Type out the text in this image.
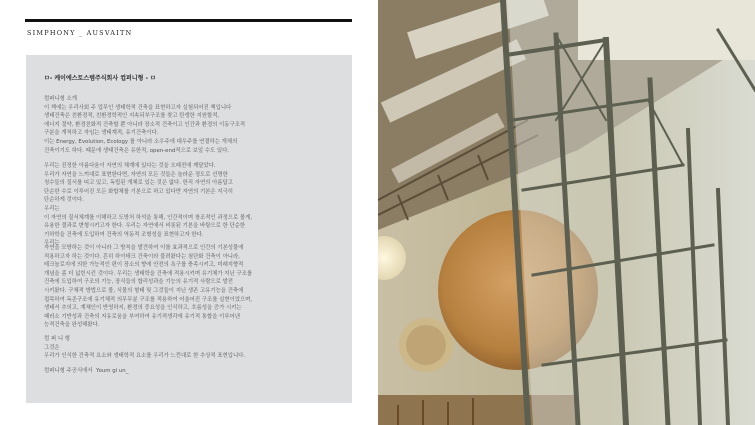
SIMPHONY _ AUSVAITN
ㅁ- 케이에스토스템주식회사 컵퍼니형 - ㅁ
컴퍼니형 소개
이 책에는 우리사회 주 업무인 생태학적 건축을 표현하고자 실험되어진 책입니다
생태건축은 친환경적, 친환경학적인 지속되부구조를 찾고 탄생한 지원할적,
에너지 절약, 환경친화적 건축할 뿐 아니라 장소적 건축이고 인간과 환경의 이동구조적
구분을 개척하고 자임는 생태계적, 유기건축이다.
이는 Energy, Evolution, Ecology 를 아니라 소우주에 대우주를 연결하는 개체의
건축이기도 하다. 때문에 생태건축은 유한적, open-end적으로 보일 수도 있다.
우리는 진정한 아름다움이 자연의 체계에 있다는 것을 오래전에 깨달았다.
우리가 자연을 느끼대로 표현한다면, 자연의 모든 것들은 놀라운 정도로 선명한
청수들의 질서를 띠고 있고, 독립된 개체로 있는 것은 없다. 한직 자연의 아름답고
단순한 수로 이루어진 모든 화합체를 기본으로 하고 있다면 자연의 기본은 지극히
단순하게 것이다.
우리는
이 자연의 질서체계를 이해하고 도방처 하석을 통해, 인간적이며 창조적인 과정으로 볼게,
유용한 결과로 변형시키고자 한다. 우리는 자연에서 비롯된 기본을 바탕으로 한 단순한
기하학을 건축에 도입하여 건축의 역동적 조형성을 표현하고자 한다.
우리는
자연을 모방하는 것이 아니라 그 방칙을 발견하여 이를 효과적으로 인간의 기본성물에
적용하고자 하는 것이다. 흔히 하이테크 건축이라 불려왔다는 첨단화 건축이 아니라,
테크놀로지에 의한 가능적인 편이 장소의 향에 안전의 욕구를 충족시키고, 미래지향적
개념을 좀 더 넓힌시킨 것이다. 우리는 생태학을 건축에 적용시키며 유기체가 지닌 구조를
건축에 도입하여 구조의 기능, 장식들의 합리성과을 기능의 유기적 사람으로 발전
시키왔다. 구체적 방법으로 볼, 식물의 형태 및 그것들이 지닌 생존 고유기능을 건축에
접목하여 독존구조에 유기체적 의무무분 구조를 적용하여 어울어진 구조를 실현이었으며,
생태서 추의고, 계체인이 반영하지, 환경의 중요성을 인식하고, 흐름성을 증가 시키는
패러소 기반성과 건축의 지유로움을 부여하여 유기적생각에 유기적 통합을 이루어낸
능적건축을 완성해왔다.
컴 퍼 니 형
그것은
우리가 인식한 건축적 요소와 생태학적 요소를 우리가 느낀대로 한 추상적 표현입니다.
컴퍼니형 주공식에서  Youm gi un_
